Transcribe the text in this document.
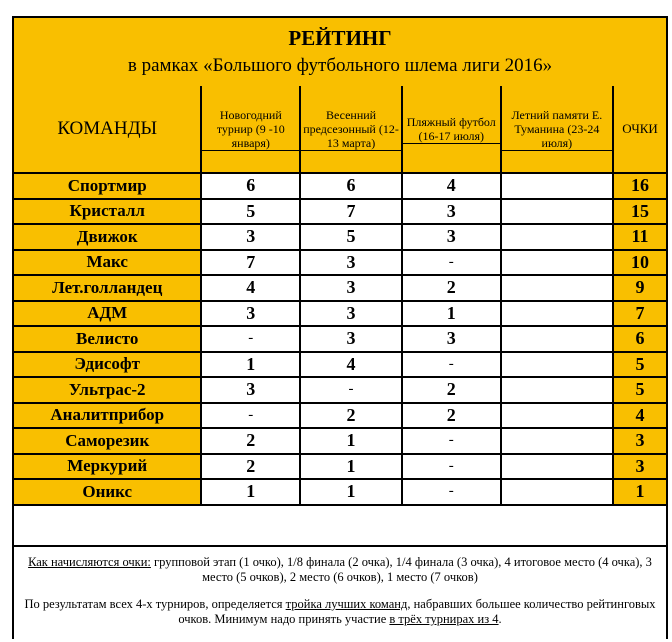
РЕЙТИНГ
в рамках «Большого футбольного шлема лиги 2016»
КОМАНДЫ	Новогодний турнир (9 -10 января)	Весенний предсезонный (12-13 марта)	Пляжный футбол (16-17 июля)	Летний памяти Е. Туманина (23-24 июля)	ОЧКИ
Спортмир	6	6	4		16
Кристалл	5	7	3		15
Движок	3	5	3		11
Макс	7	3	-		10
Лет.голландец	4	3	2		9
АДМ	3	3	1		7
Велисто	-	3	3		6
Эдисофт	1	4	-		5
Ультрас-2	3	-	2		5
Аналитприбор	-	2	2		4
Саморезик	2	1	-		3
Меркурий	2	1	-		3
Оникс	1	1	-		1
Как начисляются очки: групповой этап (1 очко), 1/8 финала (2 очка), 1/4 финала (3 очка), 4 итоговое место (4 очка), 3 место (5 очков), 2 место (6 очков), 1 место (7 очков)
По результатам всех 4-х турниров, определяется тройка лучших команд, набравших большее количество рейтинговых очков. Минимум надо принять участие в трёх турнирах из 4.
